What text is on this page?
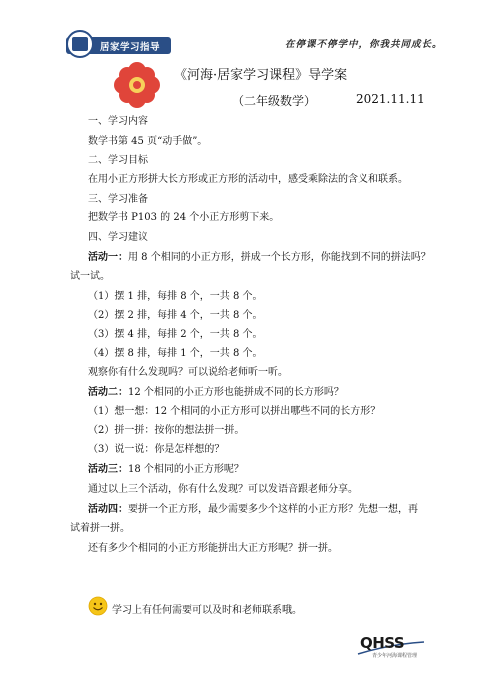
居家学习指导	在停课不停学中，你我共同成长。
《河海·居家学习课程》导学案
（二年级数学）	2021.11.11
一、学习内容
数学书第 45 页“动手做”。
二、学习目标
在用小正方形拼大长方形或正方形的活动中，感受乘除法的含义和联系。
三、学习准备
把数学书 P103 的 24 个小正方形剪下来。
四、学习建议
活动一：用 8 个相同的小正方形，拼成一个长方形，你能找到不同的拼法吗？
试一试。
（1）摆 1 排，每排 8 个，一共 8 个。
（2）摆 2 排，每排 4 个，一共 8 个。
（3）摆 4 排，每排 2 个，一共 8 个。
（4）摆 8 排，每排 1 个，一共 8 个。
观察你有什么发现吗？可以说给老师听一听。
活动二：12 个相同的小正方形也能拼成不同的长方形吗？
（1）想一想：12 个相同的小正方形可以拼出哪些不同的长方形？
（2）拼一拼：按你的想法拼一拼。
（3）说一说：你是怎样想的？
活动三：18 个相同的小正方形呢？
通过以上三个活动，你有什么发现？可以发语音跟老师分享。
活动四：要拼一个正方形，最少需要多少个这样的小正方形？先想一想，再
试着拼一拼。
还有多少个相同的小正方形能拼出大正方形呢？拼一拼。
学习上有任何需要可以及时和老师联系哦。
QHSS
青少年河海课程管理
